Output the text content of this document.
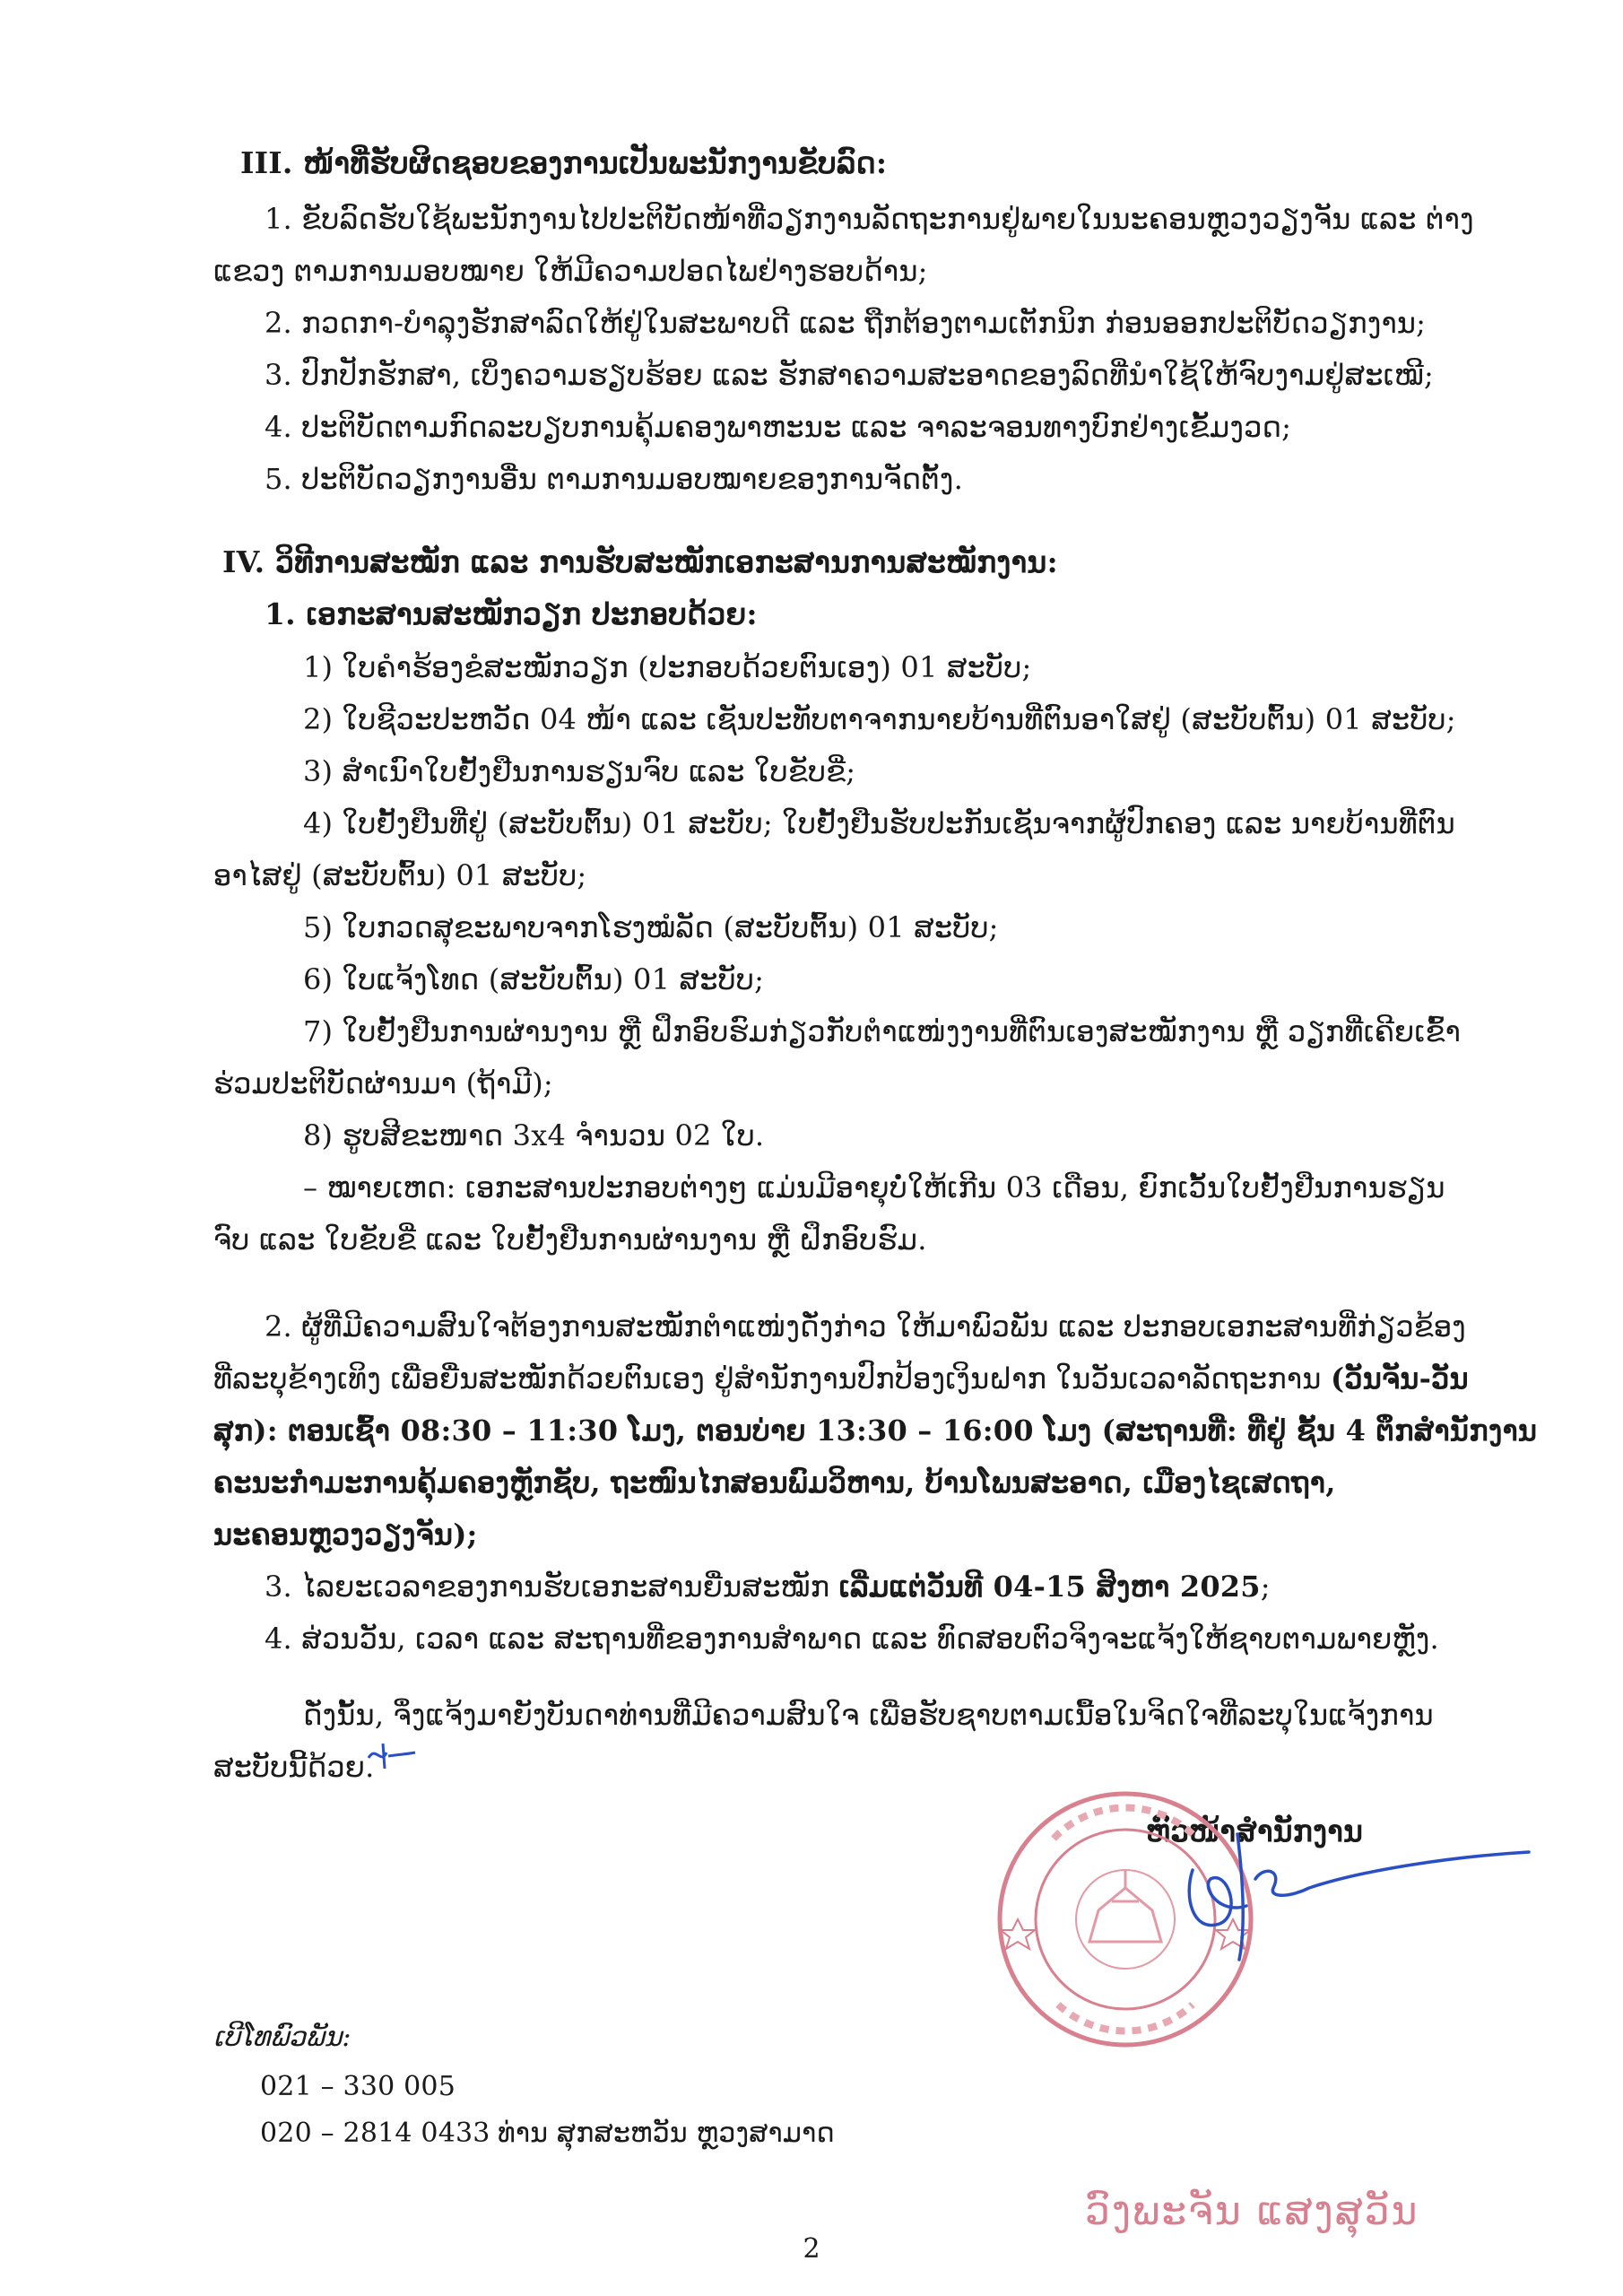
III. ໜ້າທີ່ຮັບຜິດຊອບຂອງການເປັນພະນັກງານຂັບລົດ:
1. ຂັບລົດຮັບໃຊ້ພະນັກງານໄປປະຕິບັດໜ້າທີ່ວຽກງານລັດຖະການຢູ່ພາຍໃນນະຄອນຫຼວງວຽງຈັນ ແລະ ຕ່າງ
ແຂວງ ຕາມການມອບໝາຍ ໃຫ້ມີຄວາມປອດໄພຢ່າງຮອບດ້ານ;
2. ກວດກາ-ບໍາລຸງຮັກສາລົດໃຫ້ຢູ່ໃນສະພາບດີ ແລະ ຖືກຕ້ອງຕາມເຕັກນິກ ກ່ອນອອກປະຕິບັດວຽກງານ;
3. ປົກປັກຮັກສາ, ເບິ່ງຄວາມຮຽບຮ້ອຍ ແລະ ຮັກສາຄວາມສະອາດຂອງລົດທີ່ນໍາໃຊ້ໃຫ້ຈົບງາມຢູ່ສະເໝີ;
4. ປະຕິບັດຕາມກົດລະບຽບການຄຸ້ມຄອງພາຫະນະ ແລະ ຈາລະຈອນທາງບົກຢ່າງເຂັ້ມງວດ;
5. ປະຕິບັດວຽກງານອື່ນ ຕາມການມອບໝາຍຂອງການຈັດຕັ້ງ.
IV. ວິທີການສະໝັກ ແລະ ການຮັບສະໝັກເອກະສານການສະໝັກງານ:
1. ເອກະສານສະໝັກວຽກ ປະກອບດ້ວຍ:
1) ໃບຄໍາຮ້ອງຂໍສະໝັກວຽກ (ປະກອບດ້ວຍຕົນເອງ) 01 ສະບັບ;
2) ໃບຊີວະປະຫວັດ 04 ໜ້າ ແລະ ເຊັນປະທັບຕາຈາກນາຍບ້ານທີ່ຕົນອາໃສຢູ່ (ສະບັບຕົ້ນ) 01 ສະບັບ;
3) ສໍາເນົາໃບຢັ້ງຢືນການຮຽນຈົບ ແລະ ໃບຂັບຂີ່;
4) ໃບຢັ້ງຢືນທີ່ຢູ່ (ສະບັບຕົ້ນ) 01 ສະບັບ; ໃບຢັ້ງຢືນຮັບປະກັນເຊັນຈາກຜູ້ປົກຄອງ ແລະ ນາຍບ້ານທີ່ຕົນ
ອາໄສຢູ່ (ສະບັບຕົ້ນ) 01 ສະບັບ;
5) ໃບກວດສຸຂະພາບຈາກໂຮງໝໍລັດ (ສະບັບຕົ້ນ) 01 ສະບັບ;
6) ໃບແຈ້ງໂທດ (ສະບັບຕົ້ນ) 01 ສະບັບ;
7) ໃບຢັ້ງຢືນການຜ່ານງານ ຫຼື ຝຶກອົບຮົມກ່ຽວກັບຕໍາແໜ່ງງານທີ່ຕົນເອງສະໝັກງານ ຫຼື ວຽກທີ່ເຄີຍເຂົ້າ
ຮ່ວມປະຕິບັດຜ່ານມາ (ຖ້າມີ);
8) ຮູບສີຂະໜາດ 3x4 ຈໍານວນ 02 ໃບ.
– ໝາຍເຫດ: ເອກະສານປະກອບຕ່າງໆ ແມ່ນມີອາຍຸບໍ່ໃຫ້ເກີນ 03 ເດືອນ, ຍົກເວັ້ນໃບຢັ້ງຢືນການຮຽນ
ຈົບ ແລະ ໃບຂັບຂີ່ ແລະ ໃບຢັ້ງຢືນການຜ່ານງານ ຫຼື ຝຶກອົບຮົມ.
2. ຜູ້ທີ່ມີຄວາມສົນໃຈຕ້ອງການສະໝັກຕໍາແໜ່ງດັ່ງກ່າວ ໃຫ້ມາພົວພັນ ແລະ ປະກອບເອກະສານທີ່ກ່ຽວຂ້ອງ
ທີ່ລະບຸຂ້າງເທິງ ເພື່ອຍື່ນສະໝັກດ້ວຍຕົນເອງ ຢູ່ສໍານັກງານປົກປ້ອງເງິນຝາກ ໃນວັນເວລາລັດຖະການ (ວັນຈັນ-ວັນ
ສຸກ): ຕອນເຊົ້າ 08:30 – 11:30 ໂມງ, ຕອນບ່າຍ 13:30 – 16:00 ໂມງ (ສະຖານທີ່: ທີ່ຢູ່ ຊັ້ນ 4 ຕຶກສໍານັກງານ
ຄະນະກໍາມະການຄຸ້ມຄອງຫຼັກຊັບ, ຖະໜົນໄກສອນພົມວິຫານ, ບ້ານໂພນສະອາດ, ເມືອງໄຊເສດຖາ,
ນະຄອນຫຼວງວຽງຈັນ);
3. ໄລຍະເວລາຂອງການຮັບເອກະສານຍື່ນສະໝັກ ເລີ່ມແຕ່ວັນທີ 04-15 ສິງຫາ 2025;
4. ສ່ວນວັນ, ເວລາ ແລະ ສະຖານທີ່ຂອງການສໍາພາດ ແລະ ທົດສອບຕົວຈິງຈະແຈ້ງໃຫ້ຊາບຕາມພາຍຫຼັງ.
ດັ່ງນັ້ນ, ຈຶ່ງແຈ້ງມາຍັງບັນດາທ່ານທີ່ມີຄວາມສົນໃຈ ເພື່ອຮັບຊາບຕາມເນື້ອໃນຈິດໃຈທີ່ລະບຸໃນແຈ້ງການ
ສະບັບນີ້ດ້ວຍ.
ຫົວໜ້າສໍານັກງານ
ວົງພະຈັນ ແສງສຸວັນ
ເບີໂທພົວພັນ:
021 – 330 005
020 – 2814 0433 ທ່ານ ສຸກສະຫວັນ ຫຼວງສາມາດ
2
